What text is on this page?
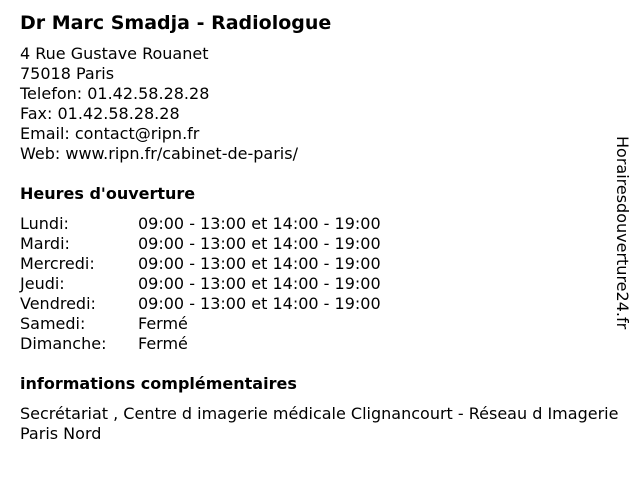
Dr Marc Smadja - Radiologue
4 Rue Gustave Rouanet
75018 Paris
Telefon: 01.42.58.28.28
Fax: 01.42.58.28.28
Email: contact@ripn.fr
Web: www.ripn.fr/cabinet-de-paris/
Heures d'ouverture
Lundi:	09:00 - 13:00 et 14:00 - 19:00
Mardi:	09:00 - 13:00 et 14:00 - 19:00
Mercredi:	09:00 - 13:00 et 14:00 - 19:00
Jeudi:	09:00 - 13:00 et 14:00 - 19:00
Vendredi:	09:00 - 13:00 et 14:00 - 19:00
Samedi:	Fermé
Dimanche: Fermé
informations complémentaires
Secrétariat , Centre d imagerie médicale Clignancourt - Réseau d Imagerie Paris Nord
Horairesdouverture24.fr
